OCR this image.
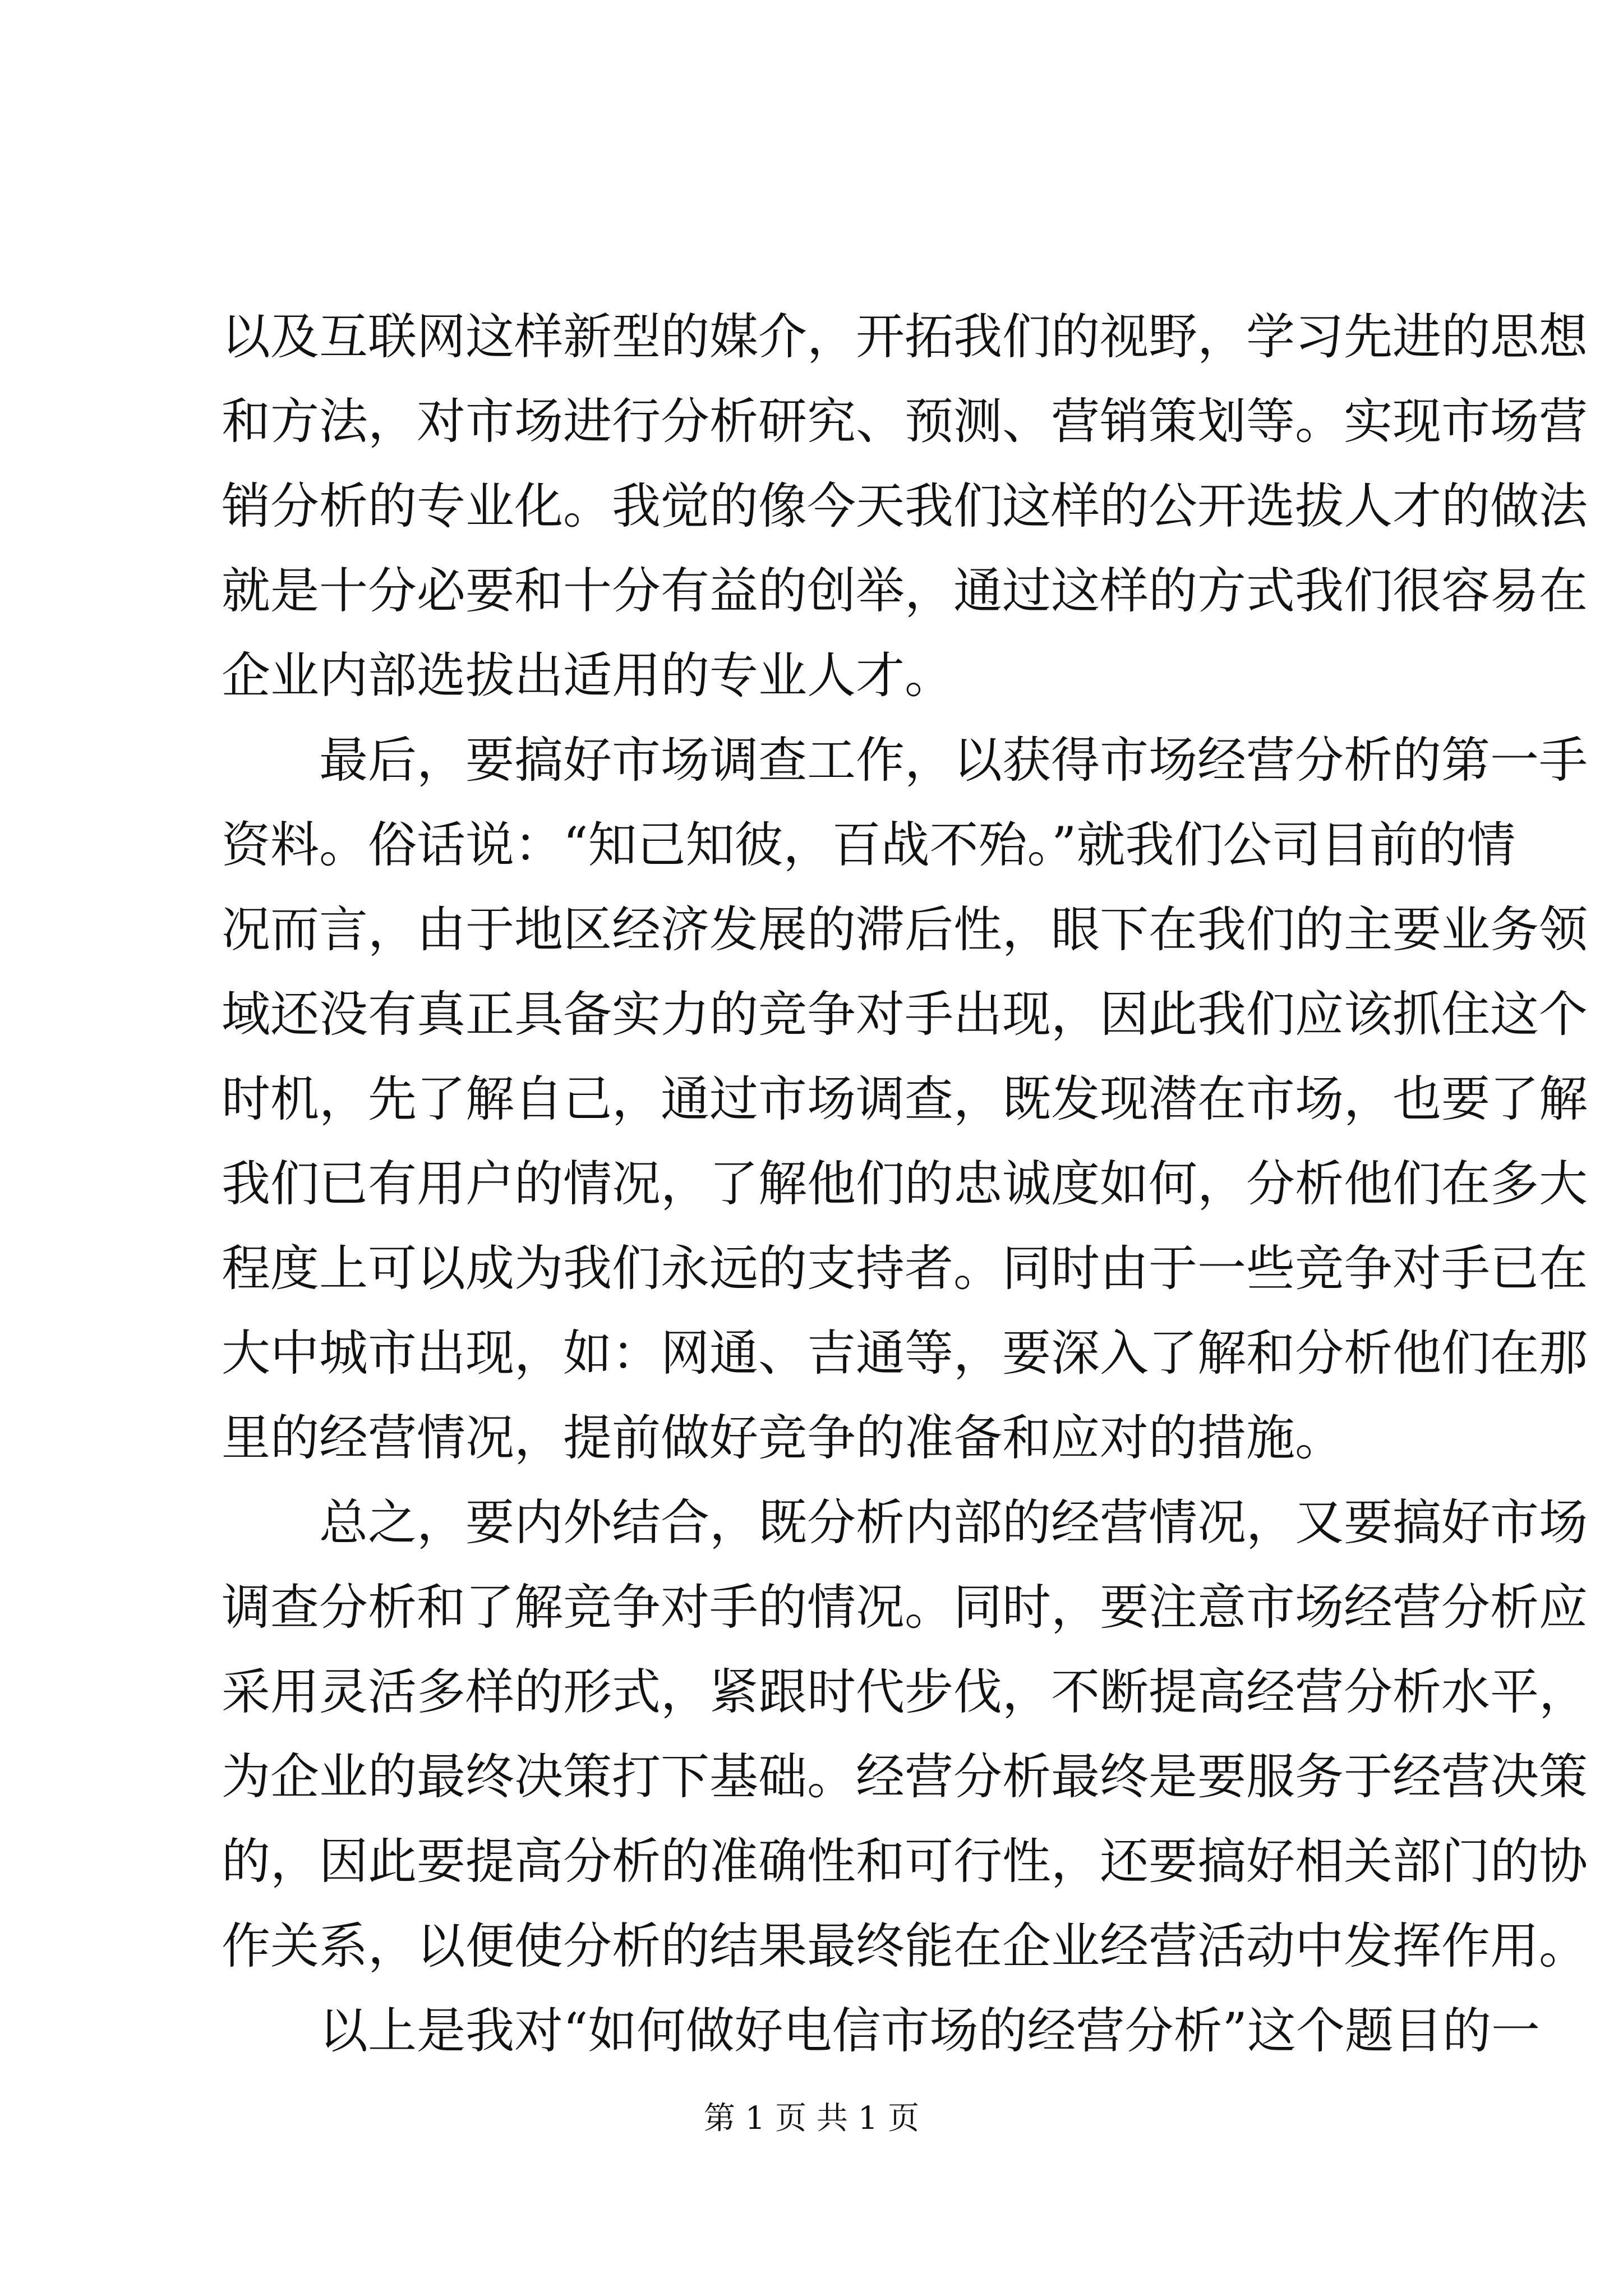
以及互联网这样新型的媒介，开拓我们的视野，学习先进的思想
和方法，对市场进行分析研究、预测、营销策划等。实现市场营
销分析的专业化。我觉的像今天我们这样的公开选拔人才的做法
就是十分必要和十分有益的创举，通过这样的方式我们很容易在
企业内部选拔出适用的专业人才。
最后，要搞好市场调查工作，以获得市场经营分析的第一手
资料。俗话说：“知己知彼，百战不殆。”就我们公司目前的情
况而言，由于地区经济发展的滞后性，眼下在我们的主要业务领
域还没有真正具备实力的竞争对手出现，因此我们应该抓住这个
时机，先了解自己，通过市场调查，既发现潜在市场，也要了解
我们已有用户的情况，了解他们的忠诚度如何，分析他们在多大
程度上可以成为我们永远的支持者。同时由于一些竞争对手已在
大中城市出现，如：网通、吉通等，要深入了解和分析他们在那
里的经营情况，提前做好竞争的准备和应对的措施。
总之，要内外结合，既分析内部的经营情况，又要搞好市场
调查分析和了解竞争对手的情况。同时，要注意市场经营分析应
采用灵活多样的形式，紧跟时代步伐，不断提高经营分析水平，
为企业的最终决策打下基础。经营分析最终是要服务于经营决策
的，因此要提高分析的准确性和可行性，还要搞好相关部门的协
作关系，以便使分析的结果最终能在企业经营活动中发挥作用。
以上是我对“如何做好电信市场的经营分析”这个题目的一
第 1 页 共 1 页
